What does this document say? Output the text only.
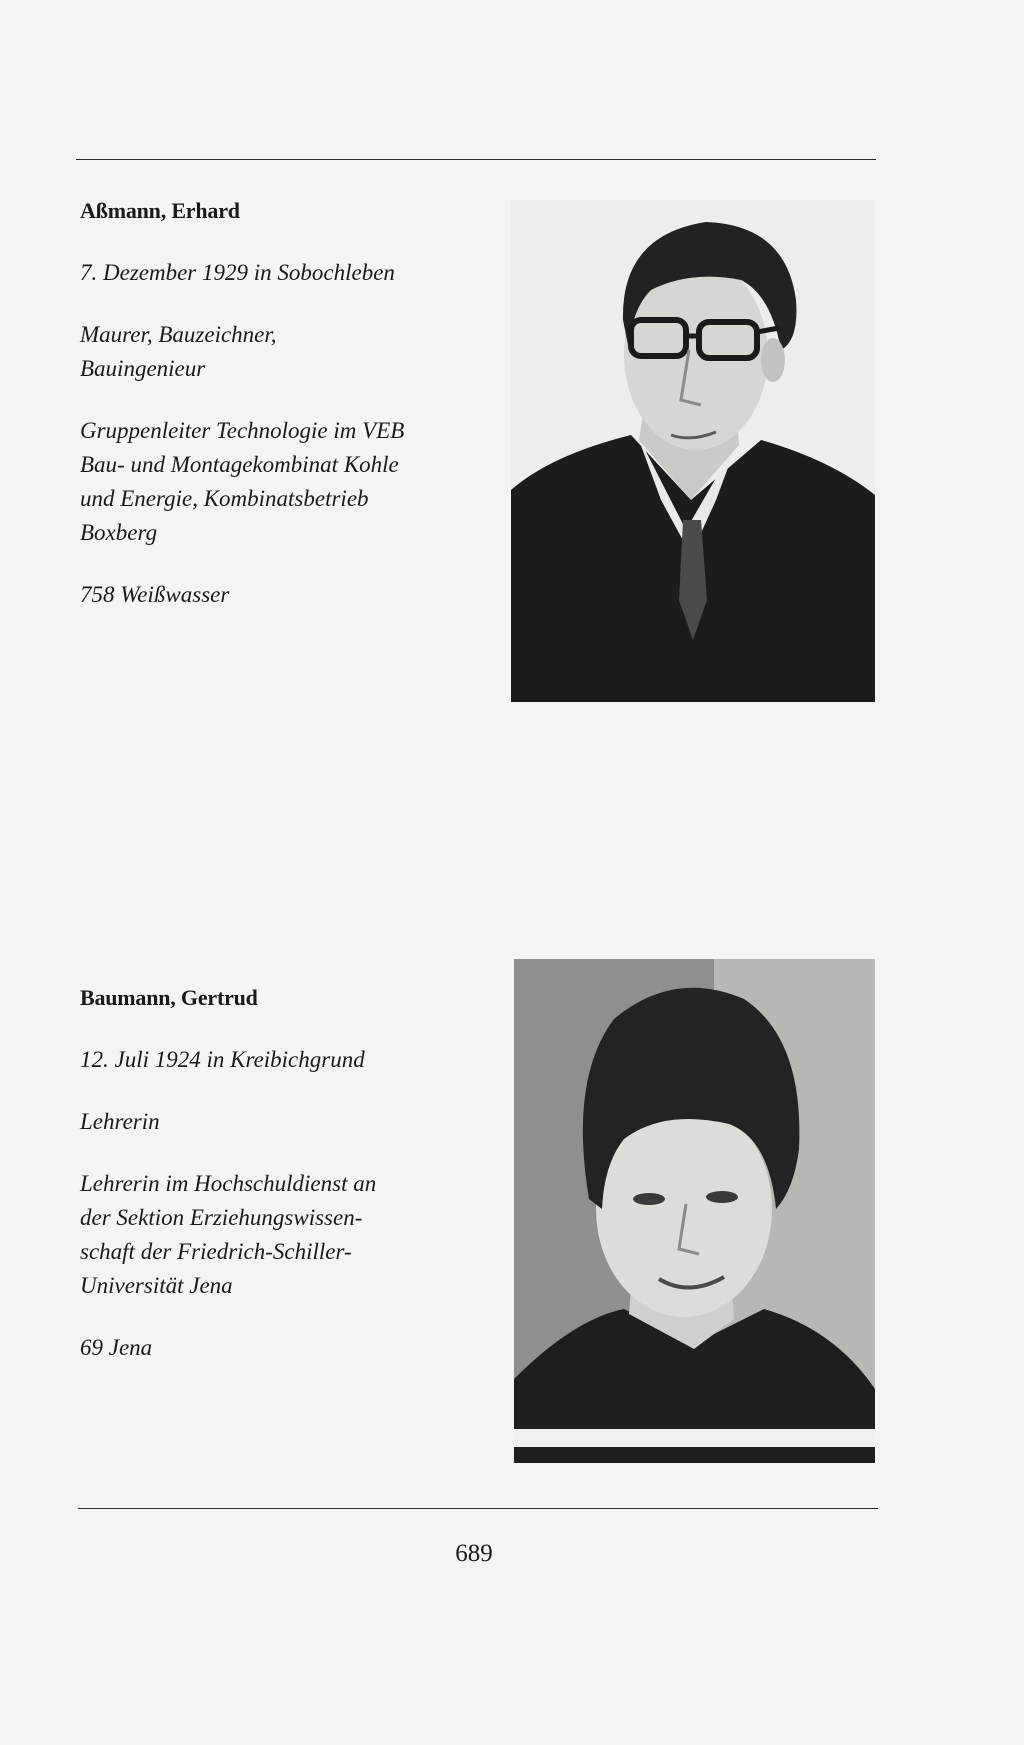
Aßmann, Erhard
7. Dezember 1929 in Sobochleben
Maurer, Bauzeichner,
Bauingenieur
Gruppenleiter Technologie im VEB
Bau- und Montagekombinat Kohle
und Energie, Kombinatsbetrieb
Boxberg
758 Weißwasser
Baumann, Gertrud
12. Juli 1924 in Kreibichgrund
Lehrerin
Lehrerin im Hochschuldienst an
der Sektion Erziehungswissen-
schaft der Friedrich-Schiller-
Universität Jena
69 Jena
689
